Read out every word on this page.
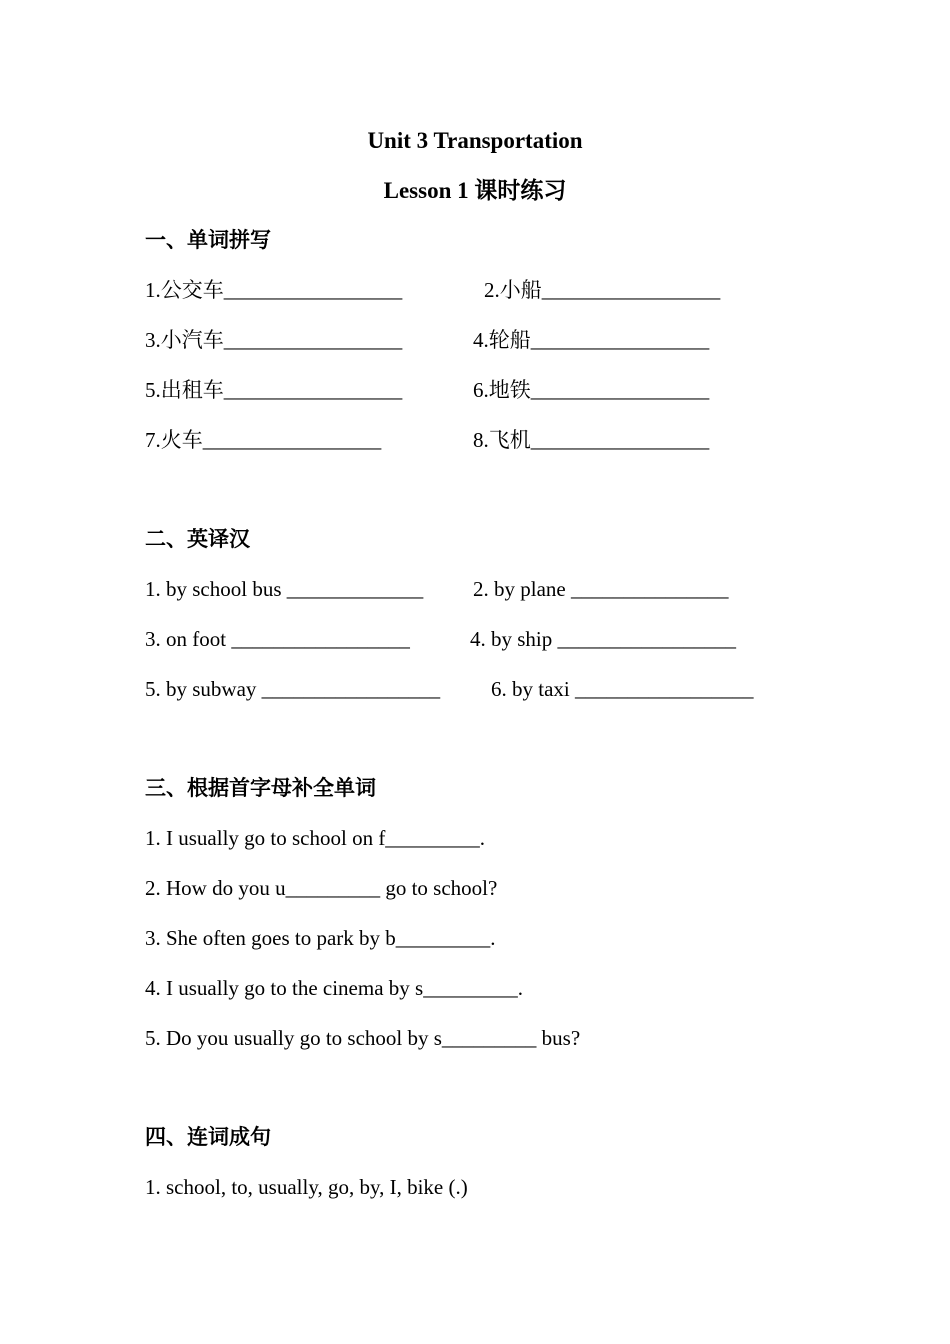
Unit 3 Transportation
Lesson 1 课时练习
一、单词拼写
1.公交车_________________	2.小船_________________
3.小汽车_________________	4.轮船_________________
5.出租车_________________	6.地铁_________________
7.火车_________________	8.飞机_________________
二、英译汉
1. by school bus _____________ 2. by plane _______________
3. on foot _________________	4. by ship _________________
5. by subway _________________ 6. by taxi _________________
三、根据首字母补全单词
1. I usually go to school on f_________.
2. How do you u_________ go to school?
3. She often goes to park by b_________.
4. I usually go to the cinema by s_________.
5. Do you usually go to school by s_________ bus?
四、连词成句
1. school, to, usually, go, by, I, bike (.)
